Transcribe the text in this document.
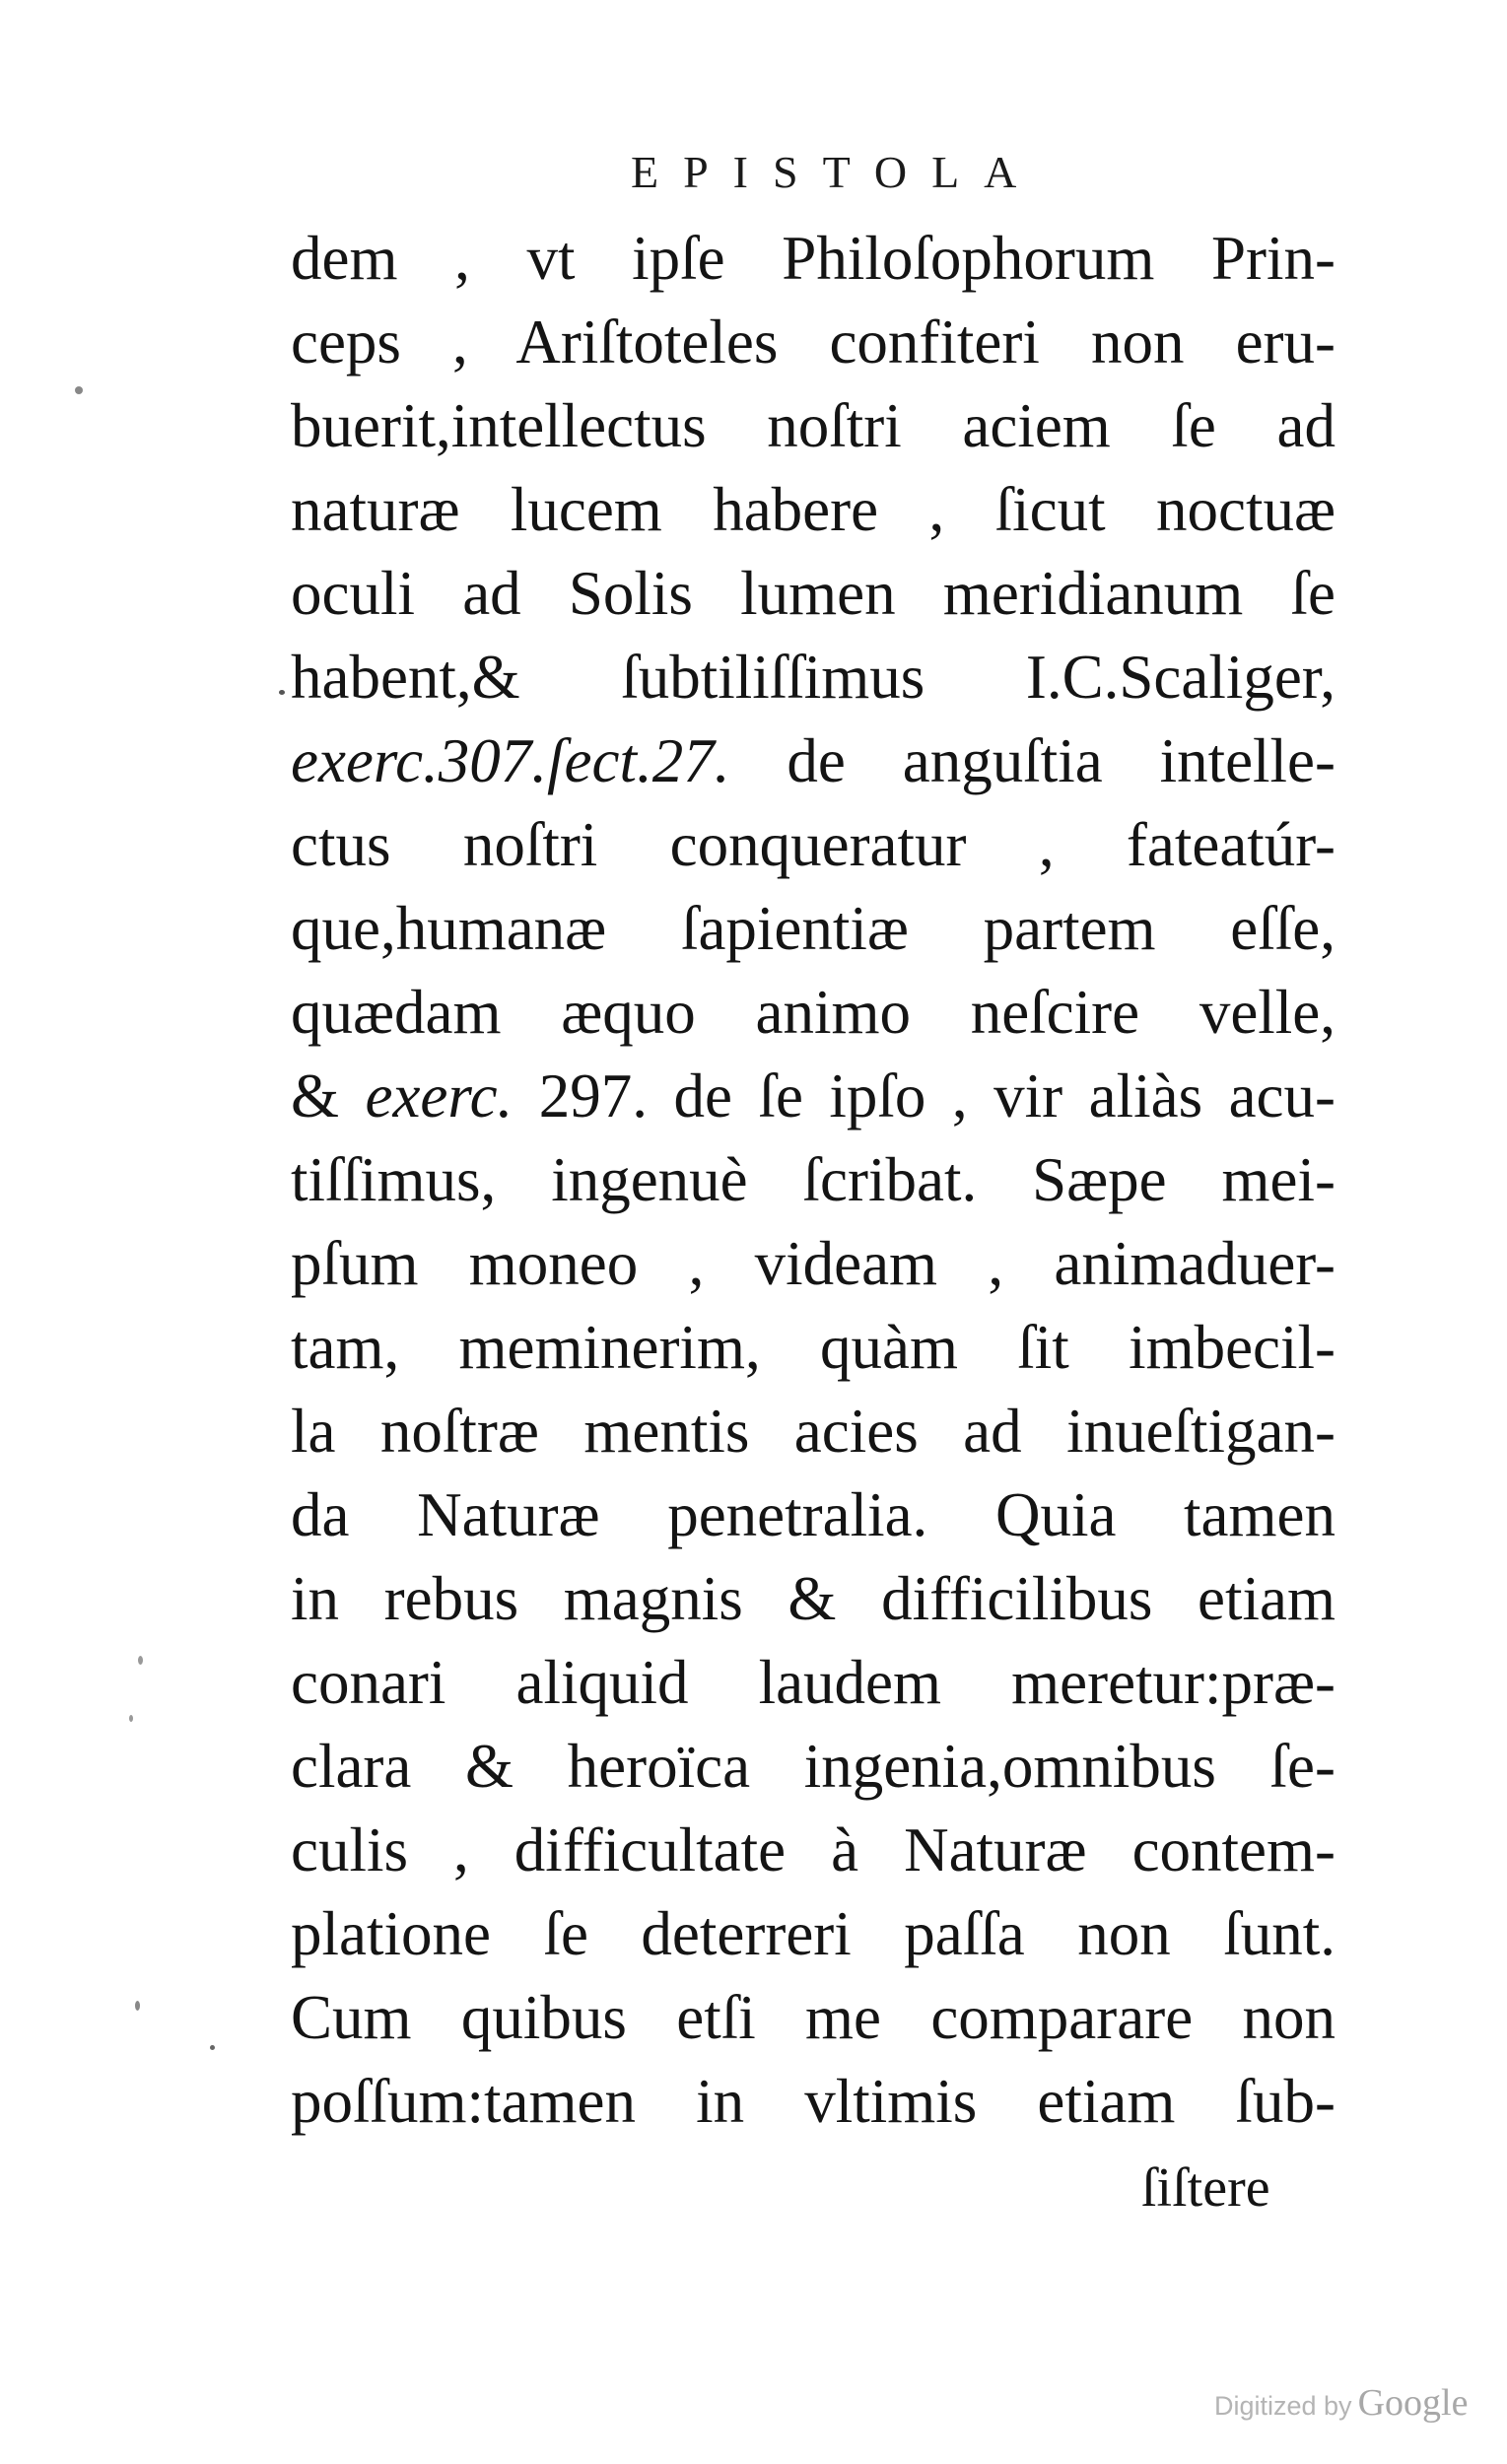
EPISTOLA
dem , vt ipſe Philoſophorum Prin-
ceps , Ariſtoteles confiteri non eru-
buerit,intellectus noſtri aciem ſe ad
naturæ lucem habere , ſicut noctuæ
oculi ad Solis lumen meridianum ſe
habent,& ſubtiliſſimus I.C.Scaliger,
exerc.307.ſect.27. de anguſtia intelle-
ctus noſtri conqueratur , fateatúr-
que,humanæ ſapientiæ partem eſſe,
quædam æquo animo neſcire velle,
& exerc. 297. de ſe ipſo , vir aliàs acu-
tiſſimus, ingenuè ſcribat. Sæpe mei-
pſum moneo , videam , animaduer-
tam, meminerim, quàm ſit imbecil-
la noſtræ mentis acies ad inueſtigan-
da Naturæ penetralia. Quia tamen
in rebus magnis & difficilibus etiam
conari aliquid laudem meretur:præ-
clara & heroïca ingenia,omnibus ſe-
culis , difficultate à Naturæ contem-
platione ſe deterreri paſſa non ſunt.
Cum quibus etſi me comparare non
poſſum:tamen in vltimis etiam ſub-
ſiſtere
Digitized by Google
